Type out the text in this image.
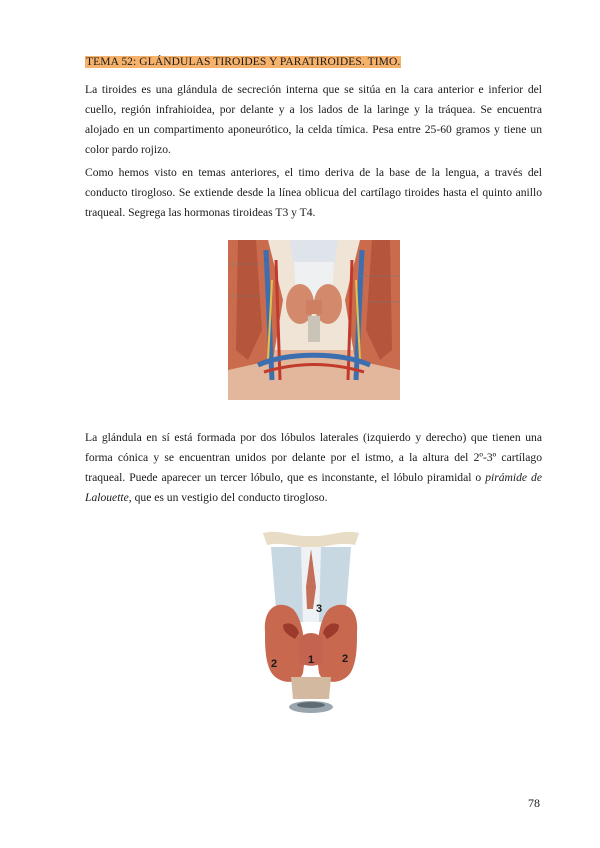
TEMA 52: GLÁNDULAS TIROIDES Y PARATIROIDES. TIMO.

La tiroides es una glándula de secreción interna que se sitúa en la cara anterior e inferior del cuello, región infrahioidea, por delante y a los lados de la laringe y la tráquea. Se encuentra alojado en un compartimento aponeurótico, la celda tímica. Pesa entre 25-60 gramos y tiene un color pardo rojizo.

Como hemos visto en temas anteriores, el timo deriva de la base de la lengua, a través del conducto tirogloso. Se extiende desde la línea oblicua del cartílago tiroides hasta el quinto anillo traqueal. Segrega las hormonas tiroideas T3 y T4.

La glándula en sí está formada por dos lóbulos laterales (izquierdo y derecho) que tienen una forma cónica y se encuentran unidos por delante por el istmo, a la altura del 2º-3º cartílago traqueal. Puede aparecer un tercer lóbulo, que es inconstante, el lóbulo piramidal o pirámide de Lalouette, que es un vestigio del conducto tirogloso.

1
2	2
3
78
